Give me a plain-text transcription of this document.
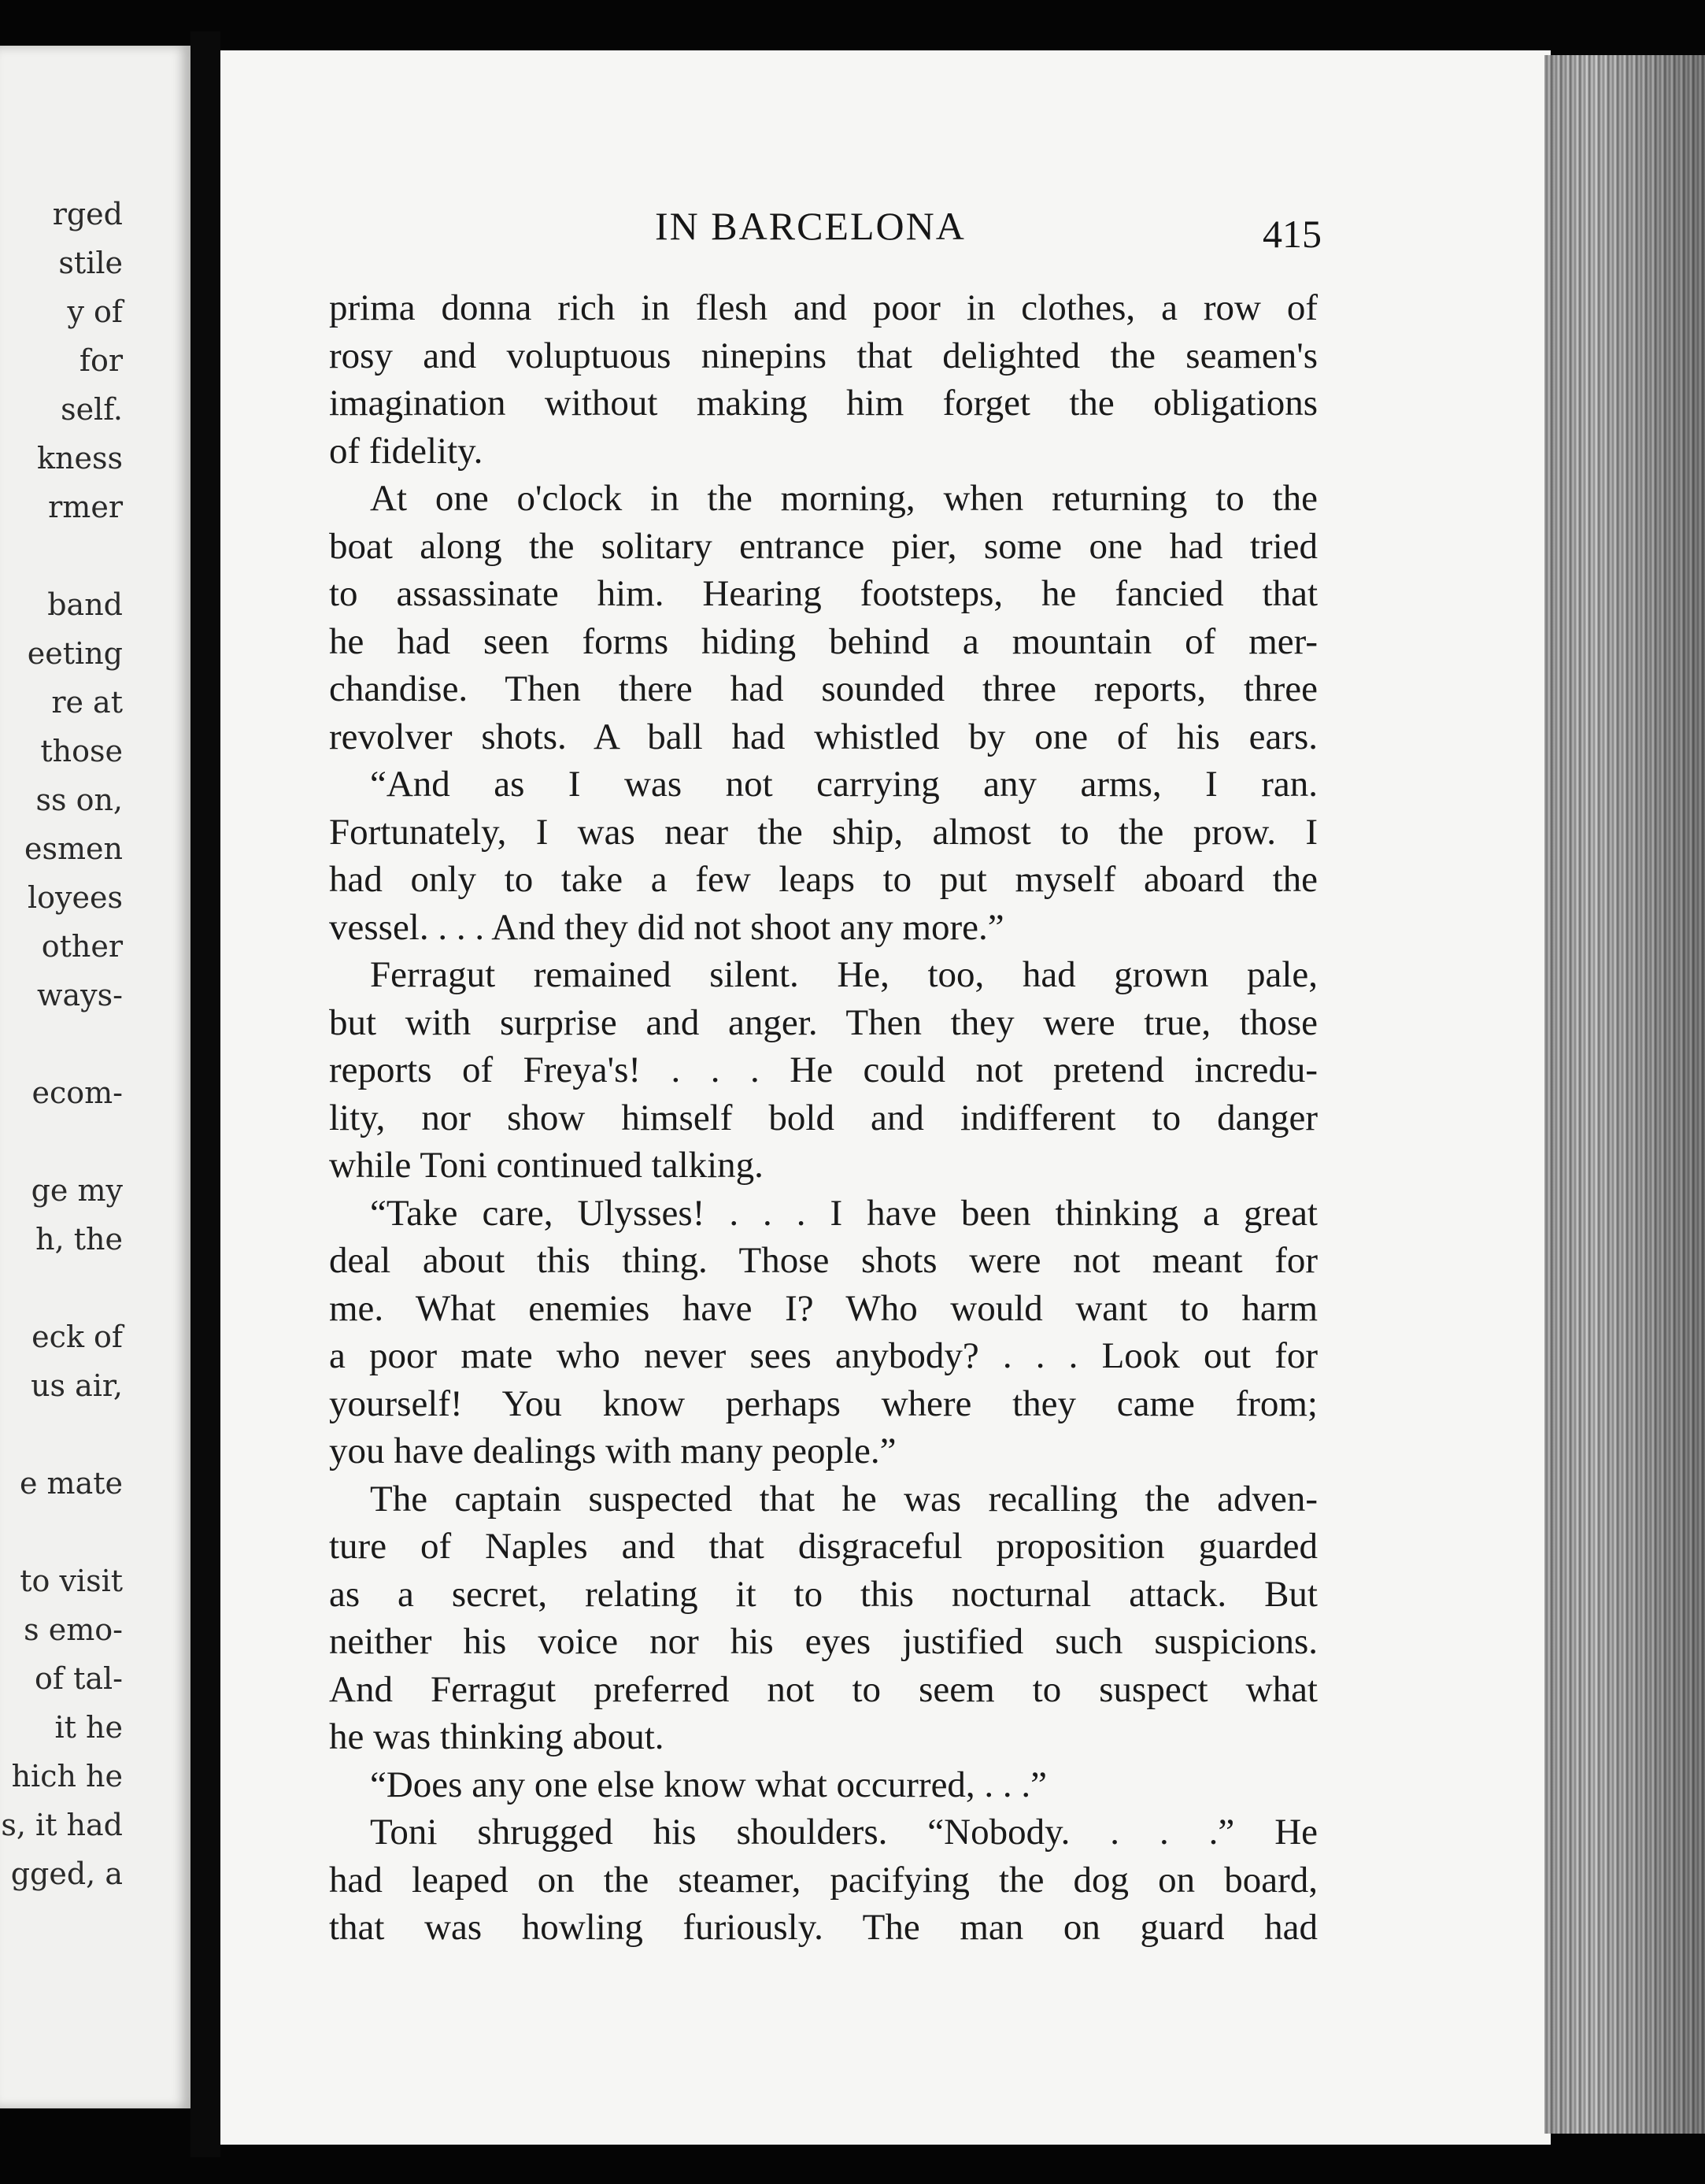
rged
stile
y of
for
self.
kness
rmer
band
eeting
re at
those
ss on,
esmen
loyees
other
ways-
ecom-
ge my
h, the
eck of
us air,
e mate
to visit
s emo-
of tal-
it he
hich he
s, it had
gged, a
IN BARCELONA	415
prima donna rich in flesh and poor in clothes, a row of
rosy and voluptuous ninepins that delighted the seamen's
imagination without making him forget the obligations
of fidelity.
At one o'clock in the morning, when returning to the
boat along the solitary entrance pier, some one had tried
to assassinate him. Hearing footsteps, he fancied that
he had seen forms hiding behind a mountain of mer-
chandise. Then there had sounded three reports, three
revolver shots. A ball had whistled by one of his ears.
“And as I was not carrying any arms, I ran.
Fortunately, I was near the ship, almost to the prow. I
had only to take a few leaps to put myself aboard the
vessel. . . . And they did not shoot any more.”
Ferragut remained silent. He, too, had grown pale,
but with surprise and anger. Then they were true, those
reports of Freya's! . . . He could not pretend incredu-
lity, nor show himself bold and indifferent to danger
while Toni continued talking.
“Take care, Ulysses! . . . I have been thinking a great
deal about this thing. Those shots were not meant for
me. What enemies have I? Who would want to harm
a poor mate who never sees anybody? . . . Look out for
yourself! You know perhaps where they came from;
you have dealings with many people.”
The captain suspected that he was recalling the adven-
ture of Naples and that disgraceful proposition guarded
as a secret, relating it to this nocturnal attack. But
neither his voice nor his eyes justified such suspicions.
And Ferragut preferred not to seem to suspect what
he was thinking about.
“Does any one else know what occurred, . . .”
Toni shrugged his shoulders. “Nobody. . . .” He
had leaped on the steamer, pacifying the dog on board,
that was howling furiously. The man on guard had
